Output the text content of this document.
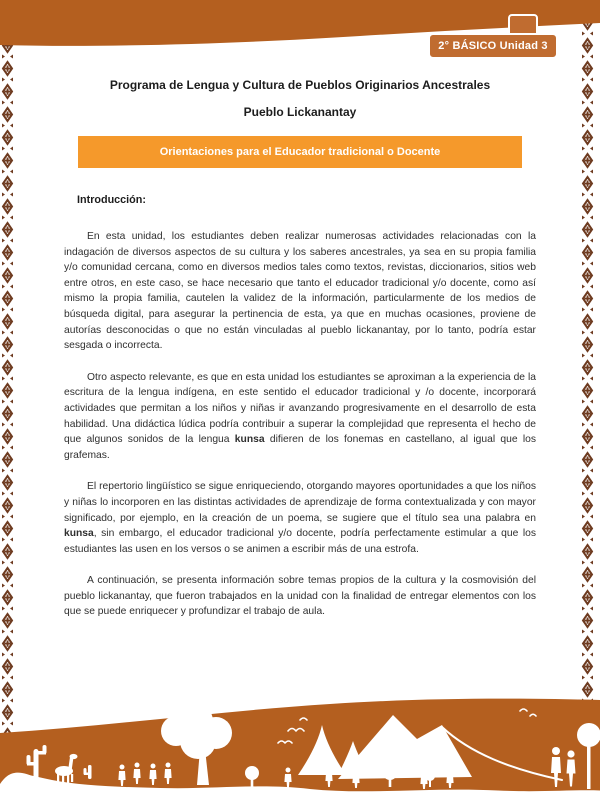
2° BÁSICO Unidad 3

Programa de Lengua y Cultura de Pueblos Originarios Ancestrales

Pueblo Lickanantay

Orientaciones para el Educador tradicional o Docente

Introducción:

En esta unidad, los estudiantes deben realizar numerosas actividades relacionadas con la indagación de diversos aspectos de su cultura y los saberes ancestrales, ya sea en su propia familia y/o comunidad cercana, como en diversos medios tales como textos, revistas, diccionarios, sitios web entre otros, en este caso, se hace necesario que tanto el educador tradicional y/o docente, como así mismo la propia familia, cautelen la validez de la información, particularmente de los medios de búsqueda digital, para asegurar la pertinencia de esta, ya que en muchas ocasiones, proviene de autorías desconocidas o que no están vinculadas al pueblo lickanantay, por lo tanto, podría estar sesgada o incorrecta.

Otro aspecto relevante, es que en esta unidad los estudiantes se aproximan a la experiencia de la escritura de la lengua indígena, en este sentido el educador tradicional y /o docente, incorporará actividades que permitan a los niños y niñas ir avanzando progresivamente en el desarrollo de esta habilidad. Una didáctica lúdica podría contribuir a superar la complejidad que representa el hecho de que algunos sonidos de la lengua kunsa difieren de los fonemas en castellano, al igual que los grafemas.

El repertorio lingüístico se sigue enriqueciendo, otorgando mayores oportunidades a que los niños y niñas lo incorporen en las distintas actividades de aprendizaje de forma contextualizada y con mayor significado, por ejemplo, en la creación de un poema, se sugiere que el título sea una palabra en kunsa, sin embargo, el educador tradicional y/o docente, podría perfectamente estimular a que los estudiantes las usen en los versos o se animen a escribir más de una estrofa.

A continuación, se presenta información sobre temas propios de la cultura y la cosmovisión del pueblo lickanantay, que fueron trabajados en la unidad con la finalidad de entregar elementos con los que se puede enriquecer y profundizar el trabajo de aula.
